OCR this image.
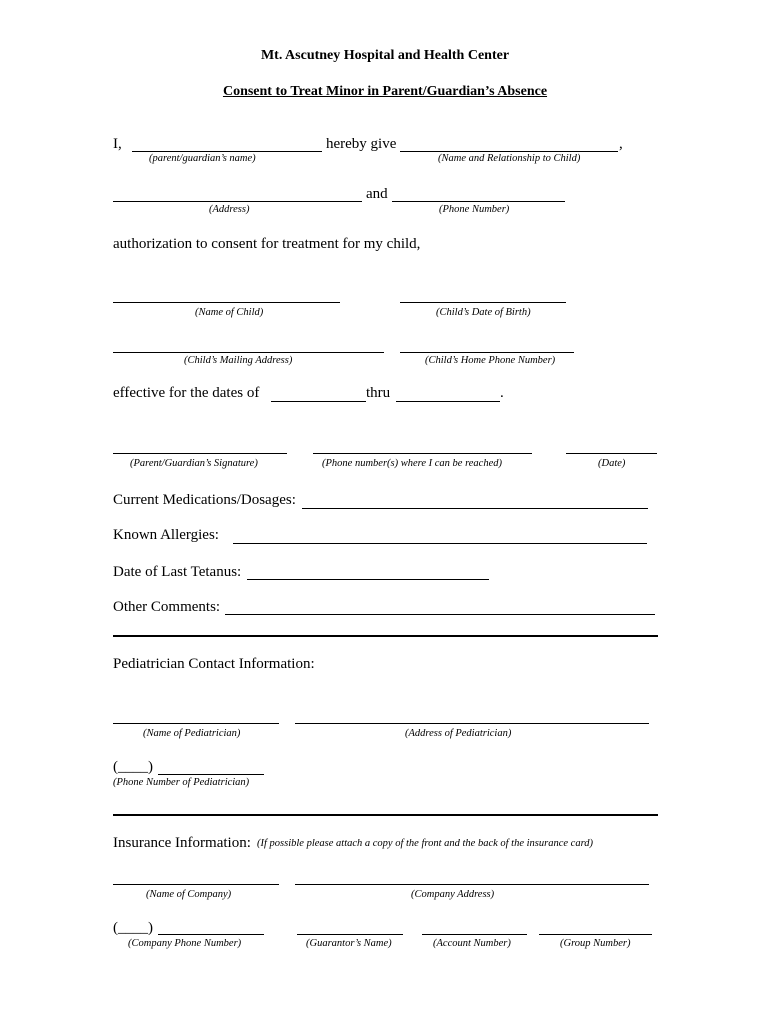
Mt. Ascutney Hospital and Health Center
Consent to Treat Minor in Parent/Guardian’s Absence
I,	hereby give	,
(parent/guardian’s name)	(Name and Relationship to Child)
and
(Address)	(Phone Number)
authorization to consent for treatment for my child,
(Name of Child)	(Child’s Date of Birth)
(Child’s Mailing Address)	(Child’s Home Phone Number)
effective for the dates of	thru	.
(Parent/Guardian’s Signature)	(Phone number(s) where I can be reached)	(Date)
Current Medications/Dosages:
Known Allergies:
Date of Last Tetanus:
Other Comments:
Pediatrician Contact Information:
(Name of Pediatrician)	(Address of Pediatrician)
(____)
(Phone Number of Pediatrician)
Insurance Information: (If possible please attach a copy of the front and the back of the insurance card)
(Name of Company)	(Company Address)
(____)
(Company Phone Number)	(Guarantor’s Name)	(Account Number)	(Group Number)
